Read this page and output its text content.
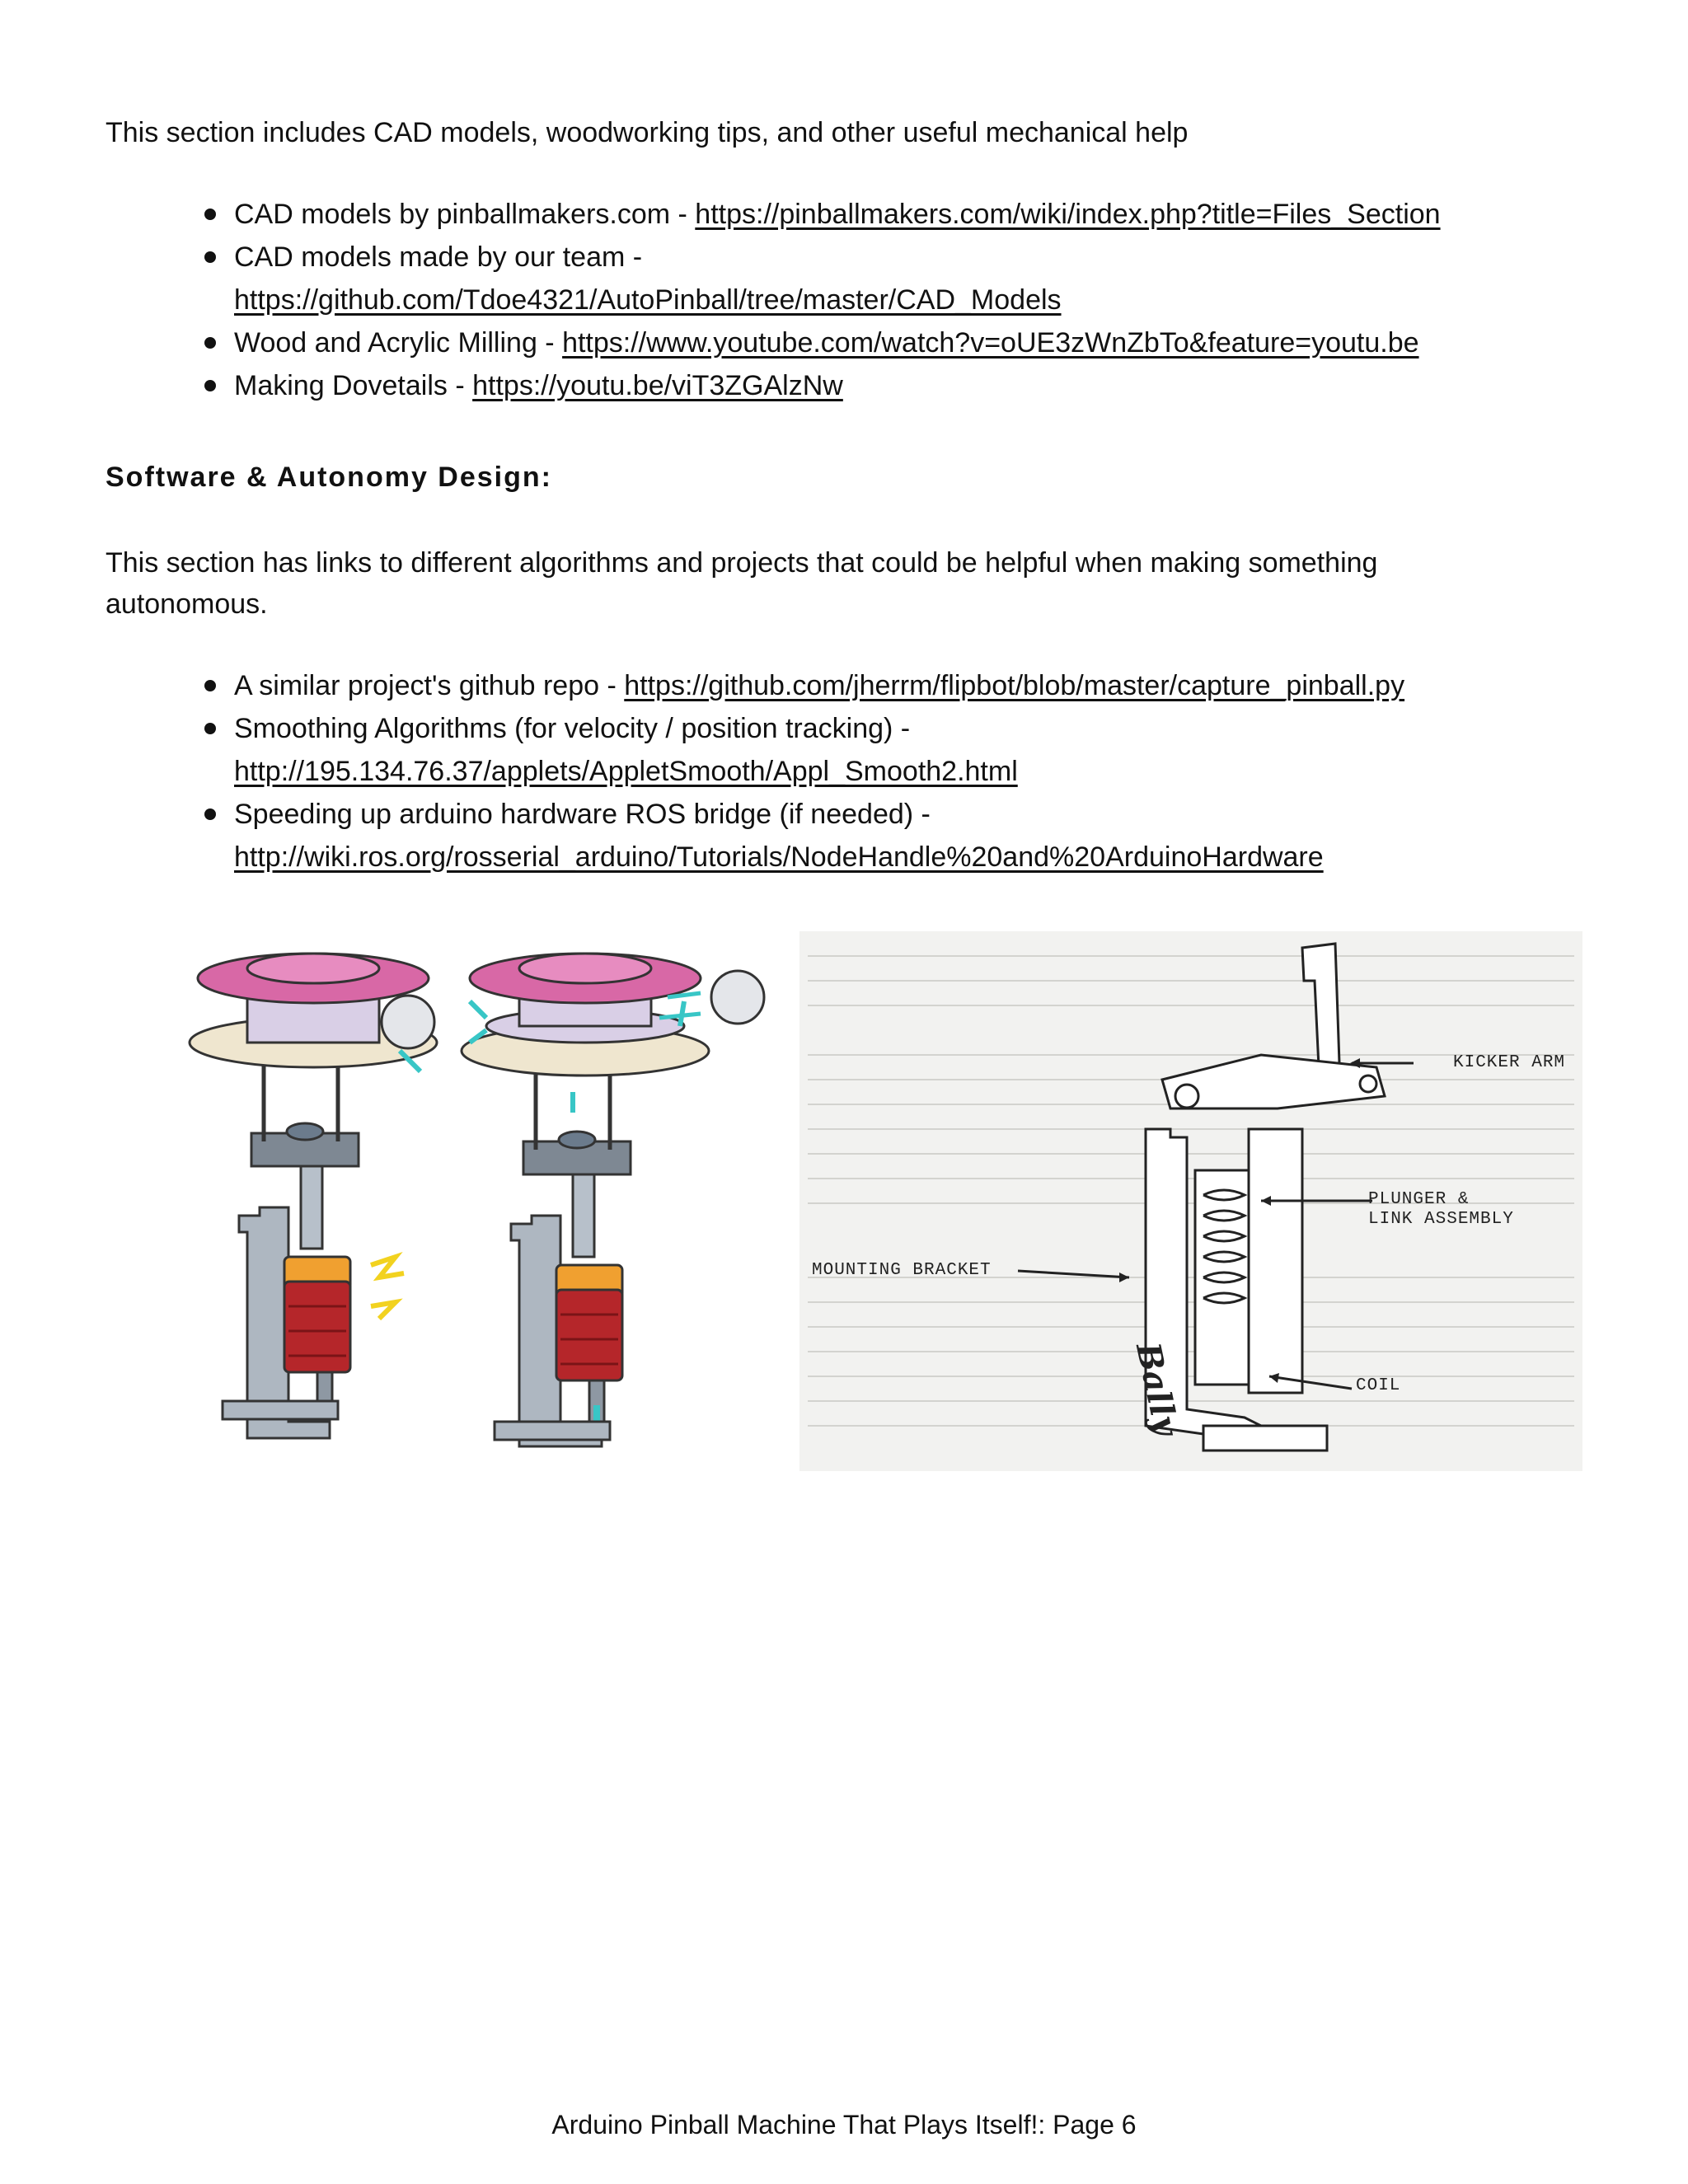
This section includes CAD models, woodworking tips, and other useful mechanical help

CAD models by pinballmakers.com - https://pinballmakers.com/wiki/index.php?title=Files_Section
CAD models made by our team - https://github.com/Tdoe4321/AutoPinball/tree/master/CAD_Models
Wood and Acrylic Milling - https://www.youtube.com/watch?v=oUE3zWnZbTo&feature=youtu.be
Making Dovetails - https://youtu.be/viT3ZGAlzNw
Software & Autonomy Design:

This section has links to different algorithms and projects that could be helpful when making something autonomous.

A similar project's github repo - https://github.com/jherrm/flipbot/blob/master/capture_pinball.py
Smoothing Algorithms (for velocity / position tracking) - http://195.134.76.37/applets/AppletSmooth/Appl_Smooth2.html
Speeding up arduino hardware ROS bridge (if needed) - http://wiki.ros.org/rosserial_arduino/Tutorials/NodeHandle%20and%20ArduinoHardware

KICKER ARM

PLUNGER &

LINK ASSEMBLY

MOUNTING BRACKET

COIL

Bally

Arduino Pinball Machine That Plays Itself!: Page 6
